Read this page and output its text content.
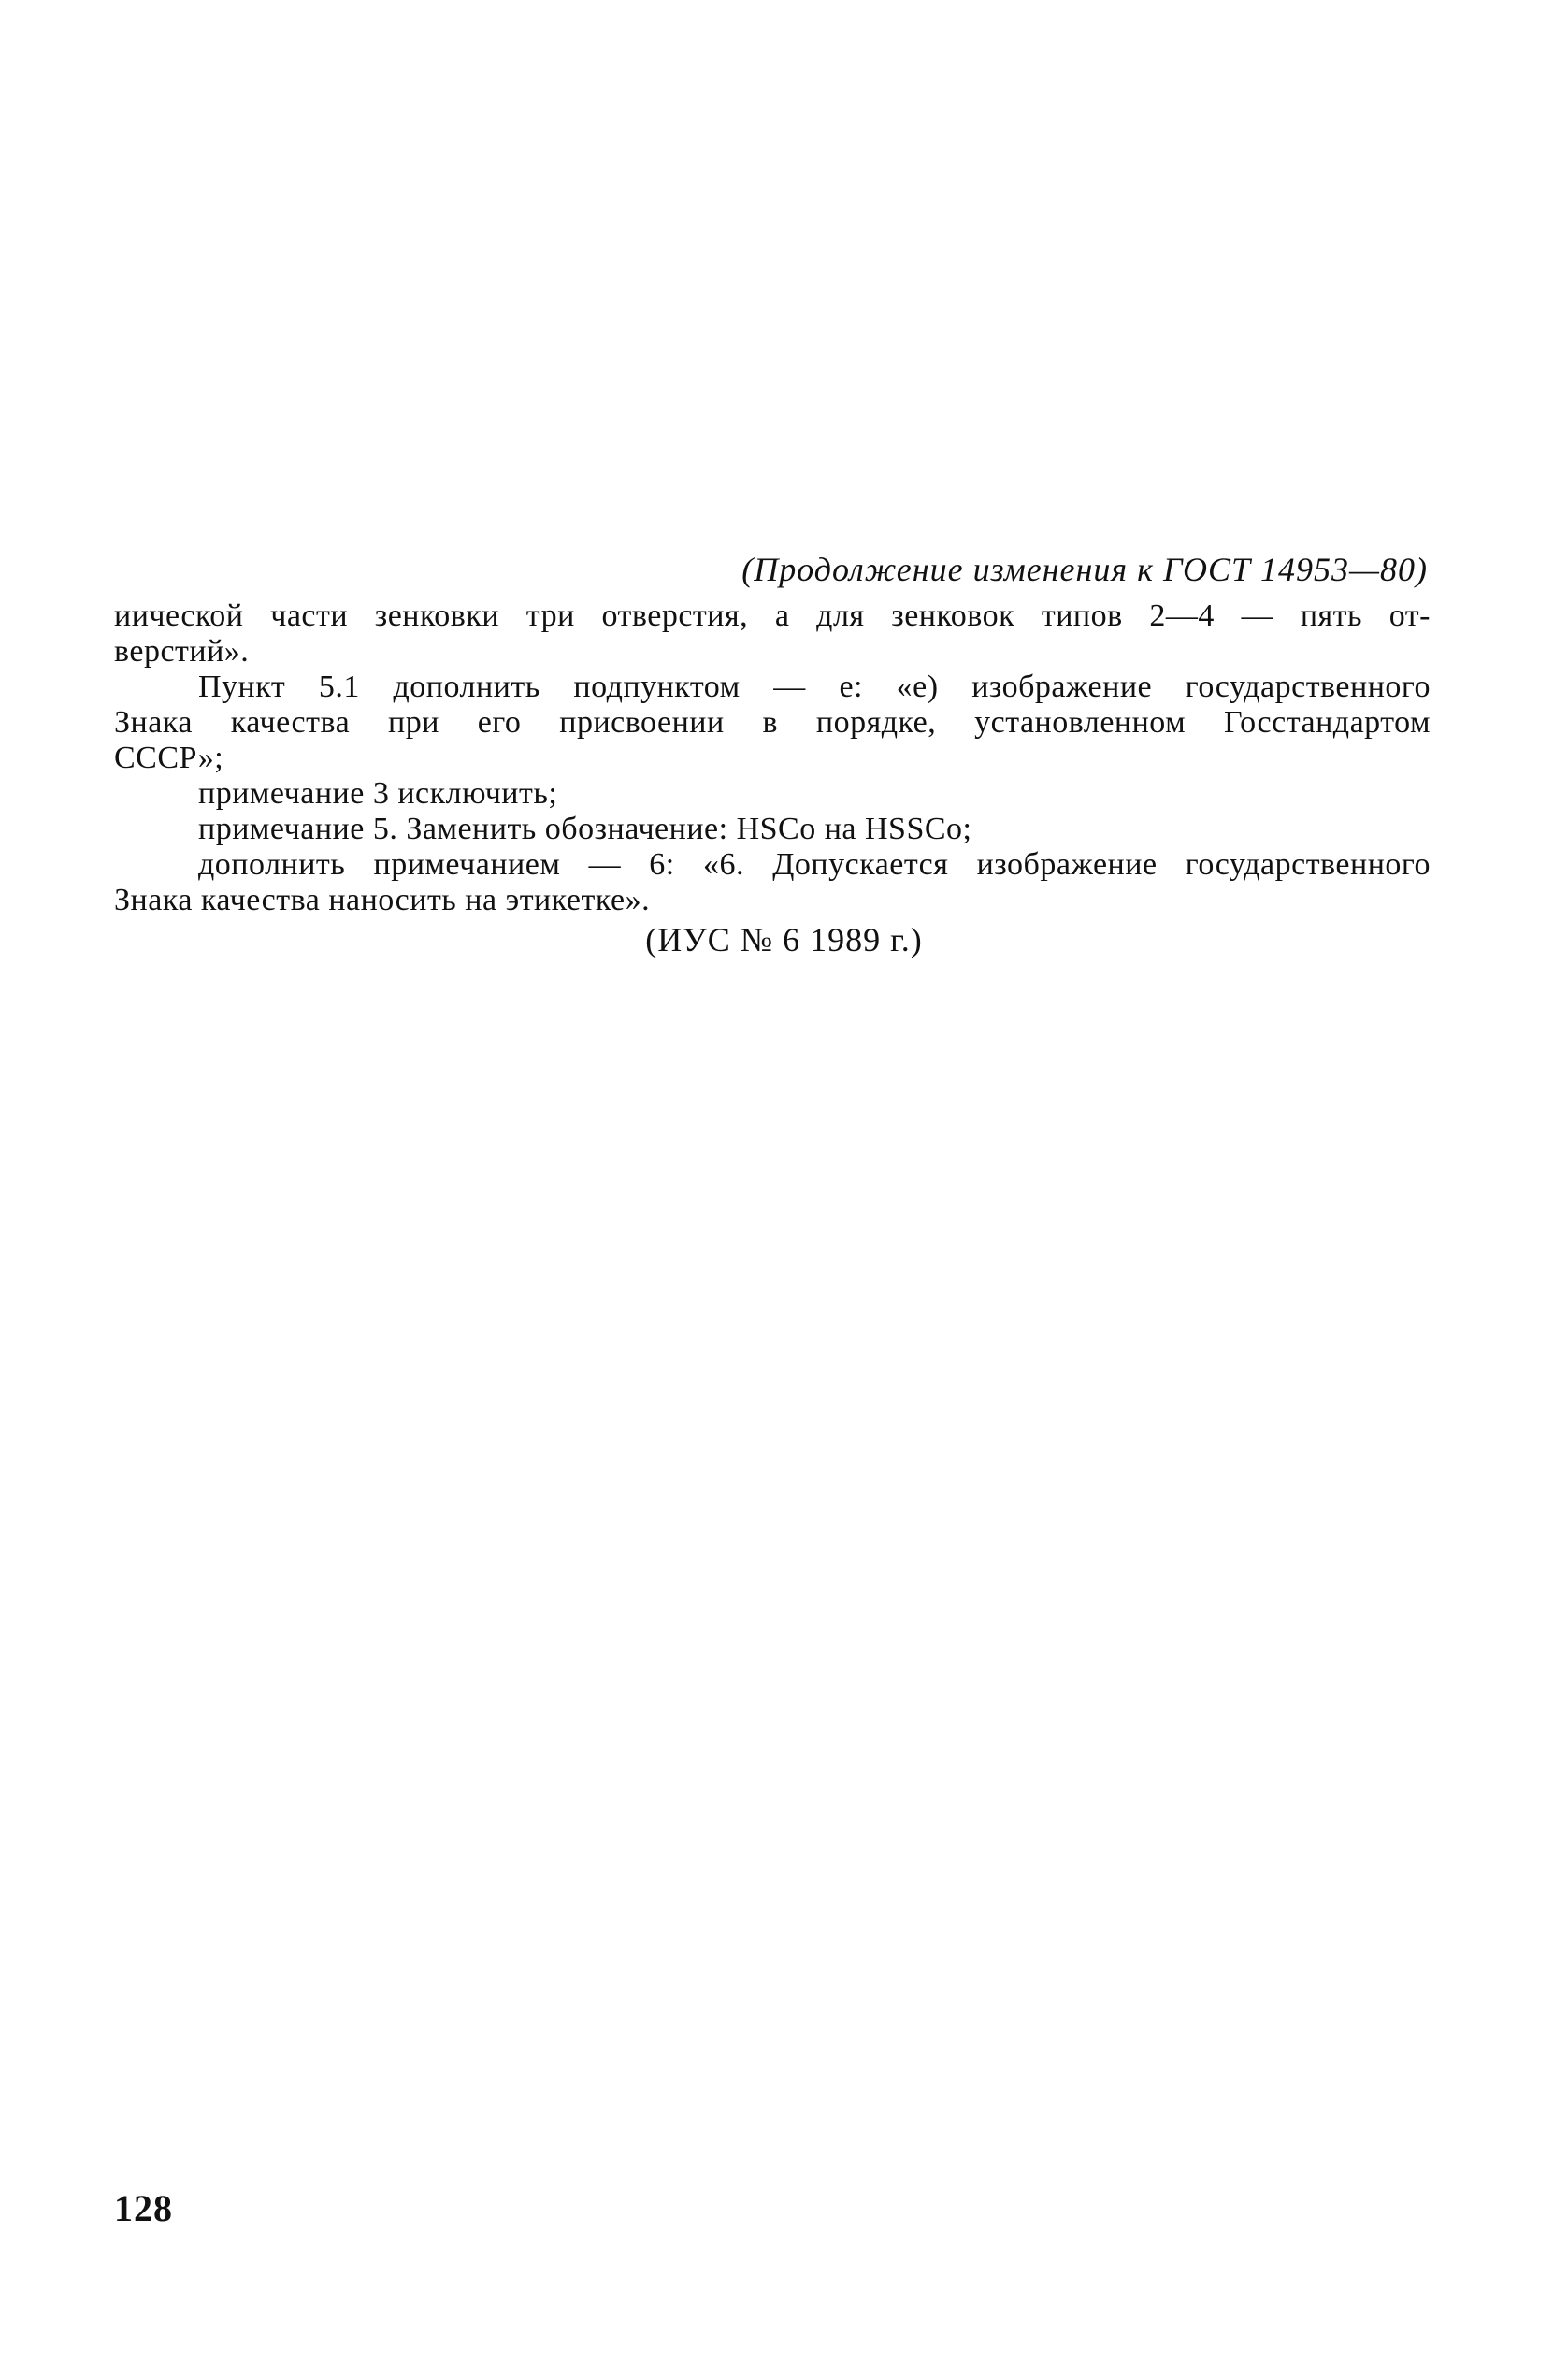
(Продолжение изменения к ГОСТ 14953—80)
иической части зенковки три отверстия, а для зенковок типов 2—4 — пять от-
верстий».
Пункт 5.1 дополнить подпунктом — е: «е) изображение государственного
Знака качества при его присвоении в порядке, установленном Госстандартом
СССР»;
примечание 3 исключить;
примечание 5. Заменить обозначение: HSCo на HSSCo;
дополнить примечанием — 6: «6. Допускается изображение государственного
Знака качества наносить на этикетке».
(ИУС № 6 1989 г.)
128
